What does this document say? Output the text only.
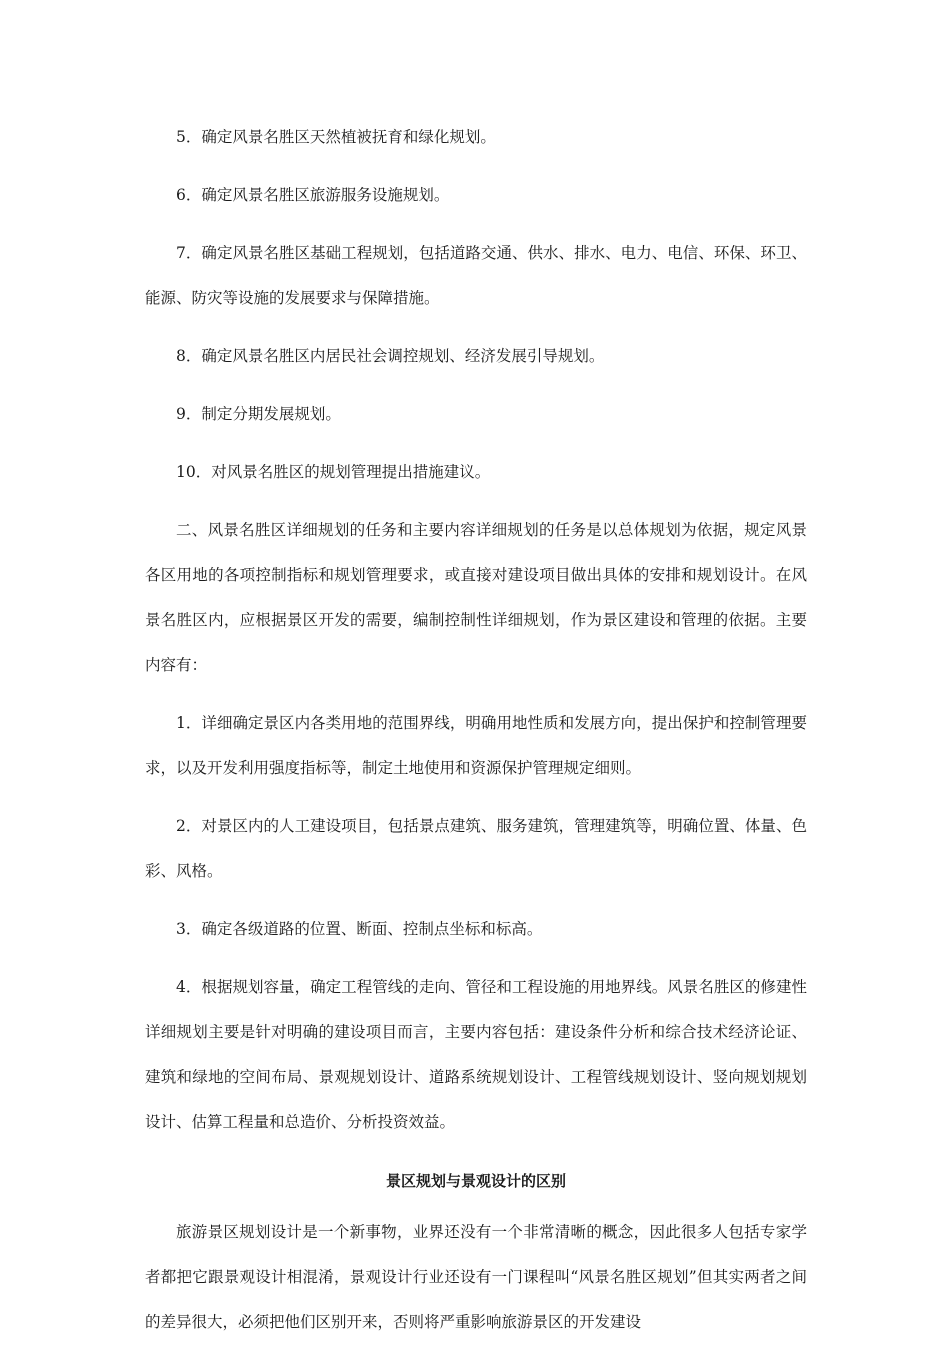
5．确定风景名胜区天然植被抚育和绿化规划。

6．确定风景名胜区旅游服务设施规划。

7．确定风景名胜区基础工程规划，包括道路交通、供水、排水、电力、电信、环保、环卫、能源、防灾等设施的发展要求与保障措施。

8．确定风景名胜区内居民社会调控规划、经济发展引导规划。

9．制定分期发展规划。

10．对风景名胜区的规划管理提出措施建议。

二、风景名胜区详细规划的任务和主要内容详细规划的任务是以总体规划为依据，规定风景各区用地的各项控制指标和规划管理要求，或直接对建设项目做出具体的安排和规划设计。在风景名胜区内，应根据景区开发的需要，编制控制性详细规划，作为景区建设和管理的依据。主要内容有：

1．详细确定景区内各类用地的范围界线，明确用地性质和发展方向，提出保护和控制管理要求，以及开发利用强度指标等，制定土地使用和资源保护管理规定细则。

2．对景区内的人工建设项目，包括景点建筑、服务建筑，管理建筑等，明确位置、体量、色彩、风格。

3．确定各级道路的位置、断面、控制点坐标和标高。

4．根据规划容量，确定工程管线的走向、管径和工程设施的用地界线。风景名胜区的修建性详细规划主要是针对明确的建设项目而言，主要内容包括：建设条件分析和综合技术经济论证、建筑和绿地的空间布局、景观规划设计、道路系统规划设计、工程管线规划设计、竖向规划规划设计、估算工程量和总造价、分析投资效益。

景区规划与景观设计的区别

旅游景区规划设计是一个新事物，业界还没有一个非常清晰的概念，因此很多人包括专家学者都把它跟景观设计相混淆，景观设计行业还设有一门课程叫“风景名胜区规划”但其实两者之间的差异很大，必须把他们区别开来，否则将严重影响旅游景区的开发建设
